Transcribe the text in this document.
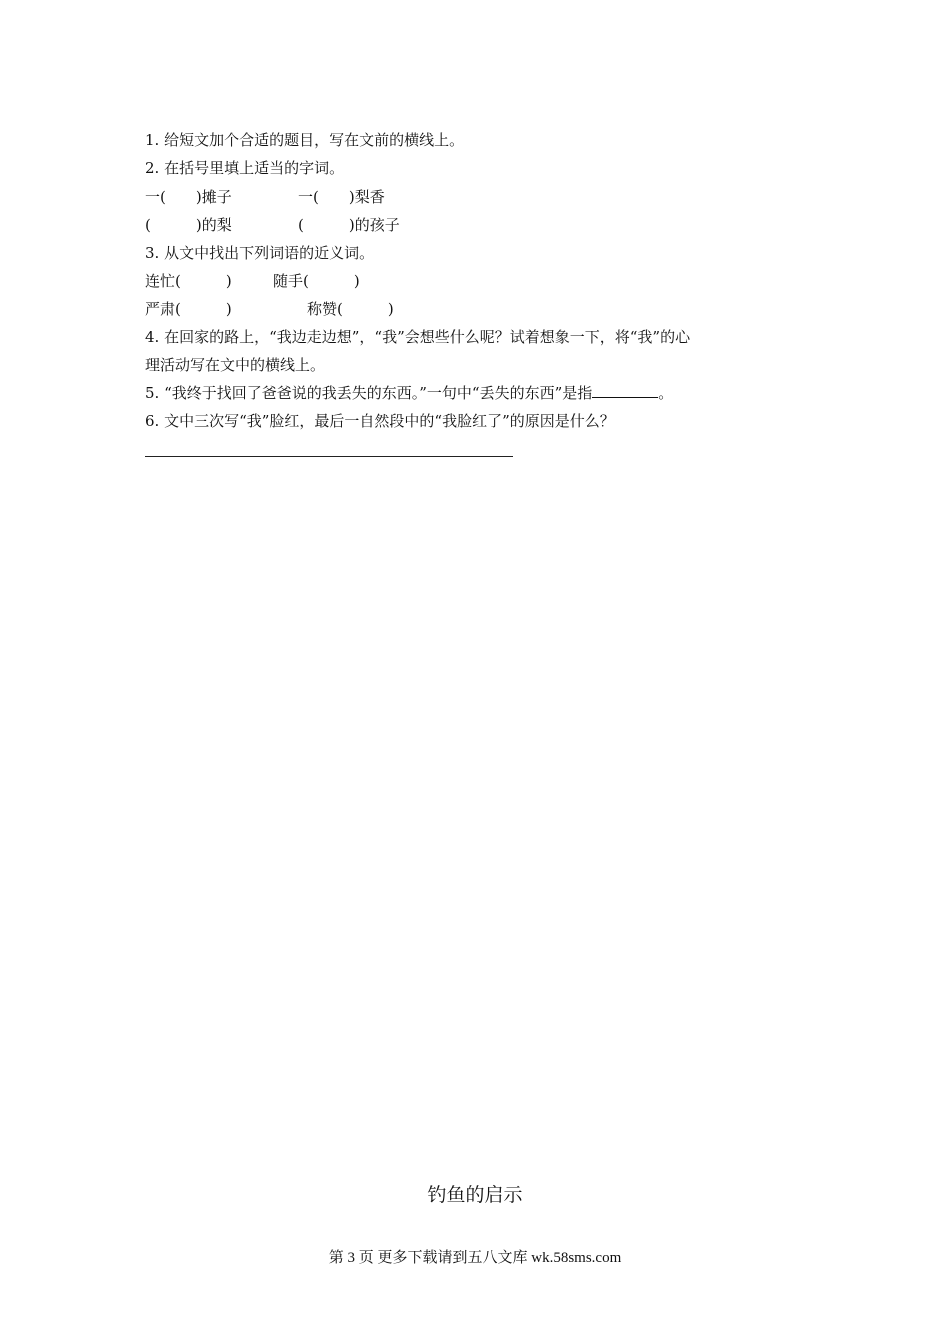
1. 给短文加个合适的题目，写在文前的横线上。
2. 在括号里填上适当的字词。
一(　　)摊子	一(　　)梨香
(　　　)的梨	(　　　)的孩子
3. 从文中找出下列词语的近义词。
连忙(　　　)	随手(　　　)
严肃(　　　)	称赞(　　　)
4. 在回家的路上，“我边走边想”，“我”会想些什么呢？试着想象一下，将“我”的心
理活动写在文中的横线上。
5. “我终于找回了爸爸说的我丢失的东西。”一句中“丢失的东西”是指	。
6. 文中三次写“我”脸红，最后一自然段中的“我脸红了”的原因是什么？
钓鱼的启示
第 3 页 更多下载请到五八文库 wk.58sms.com
